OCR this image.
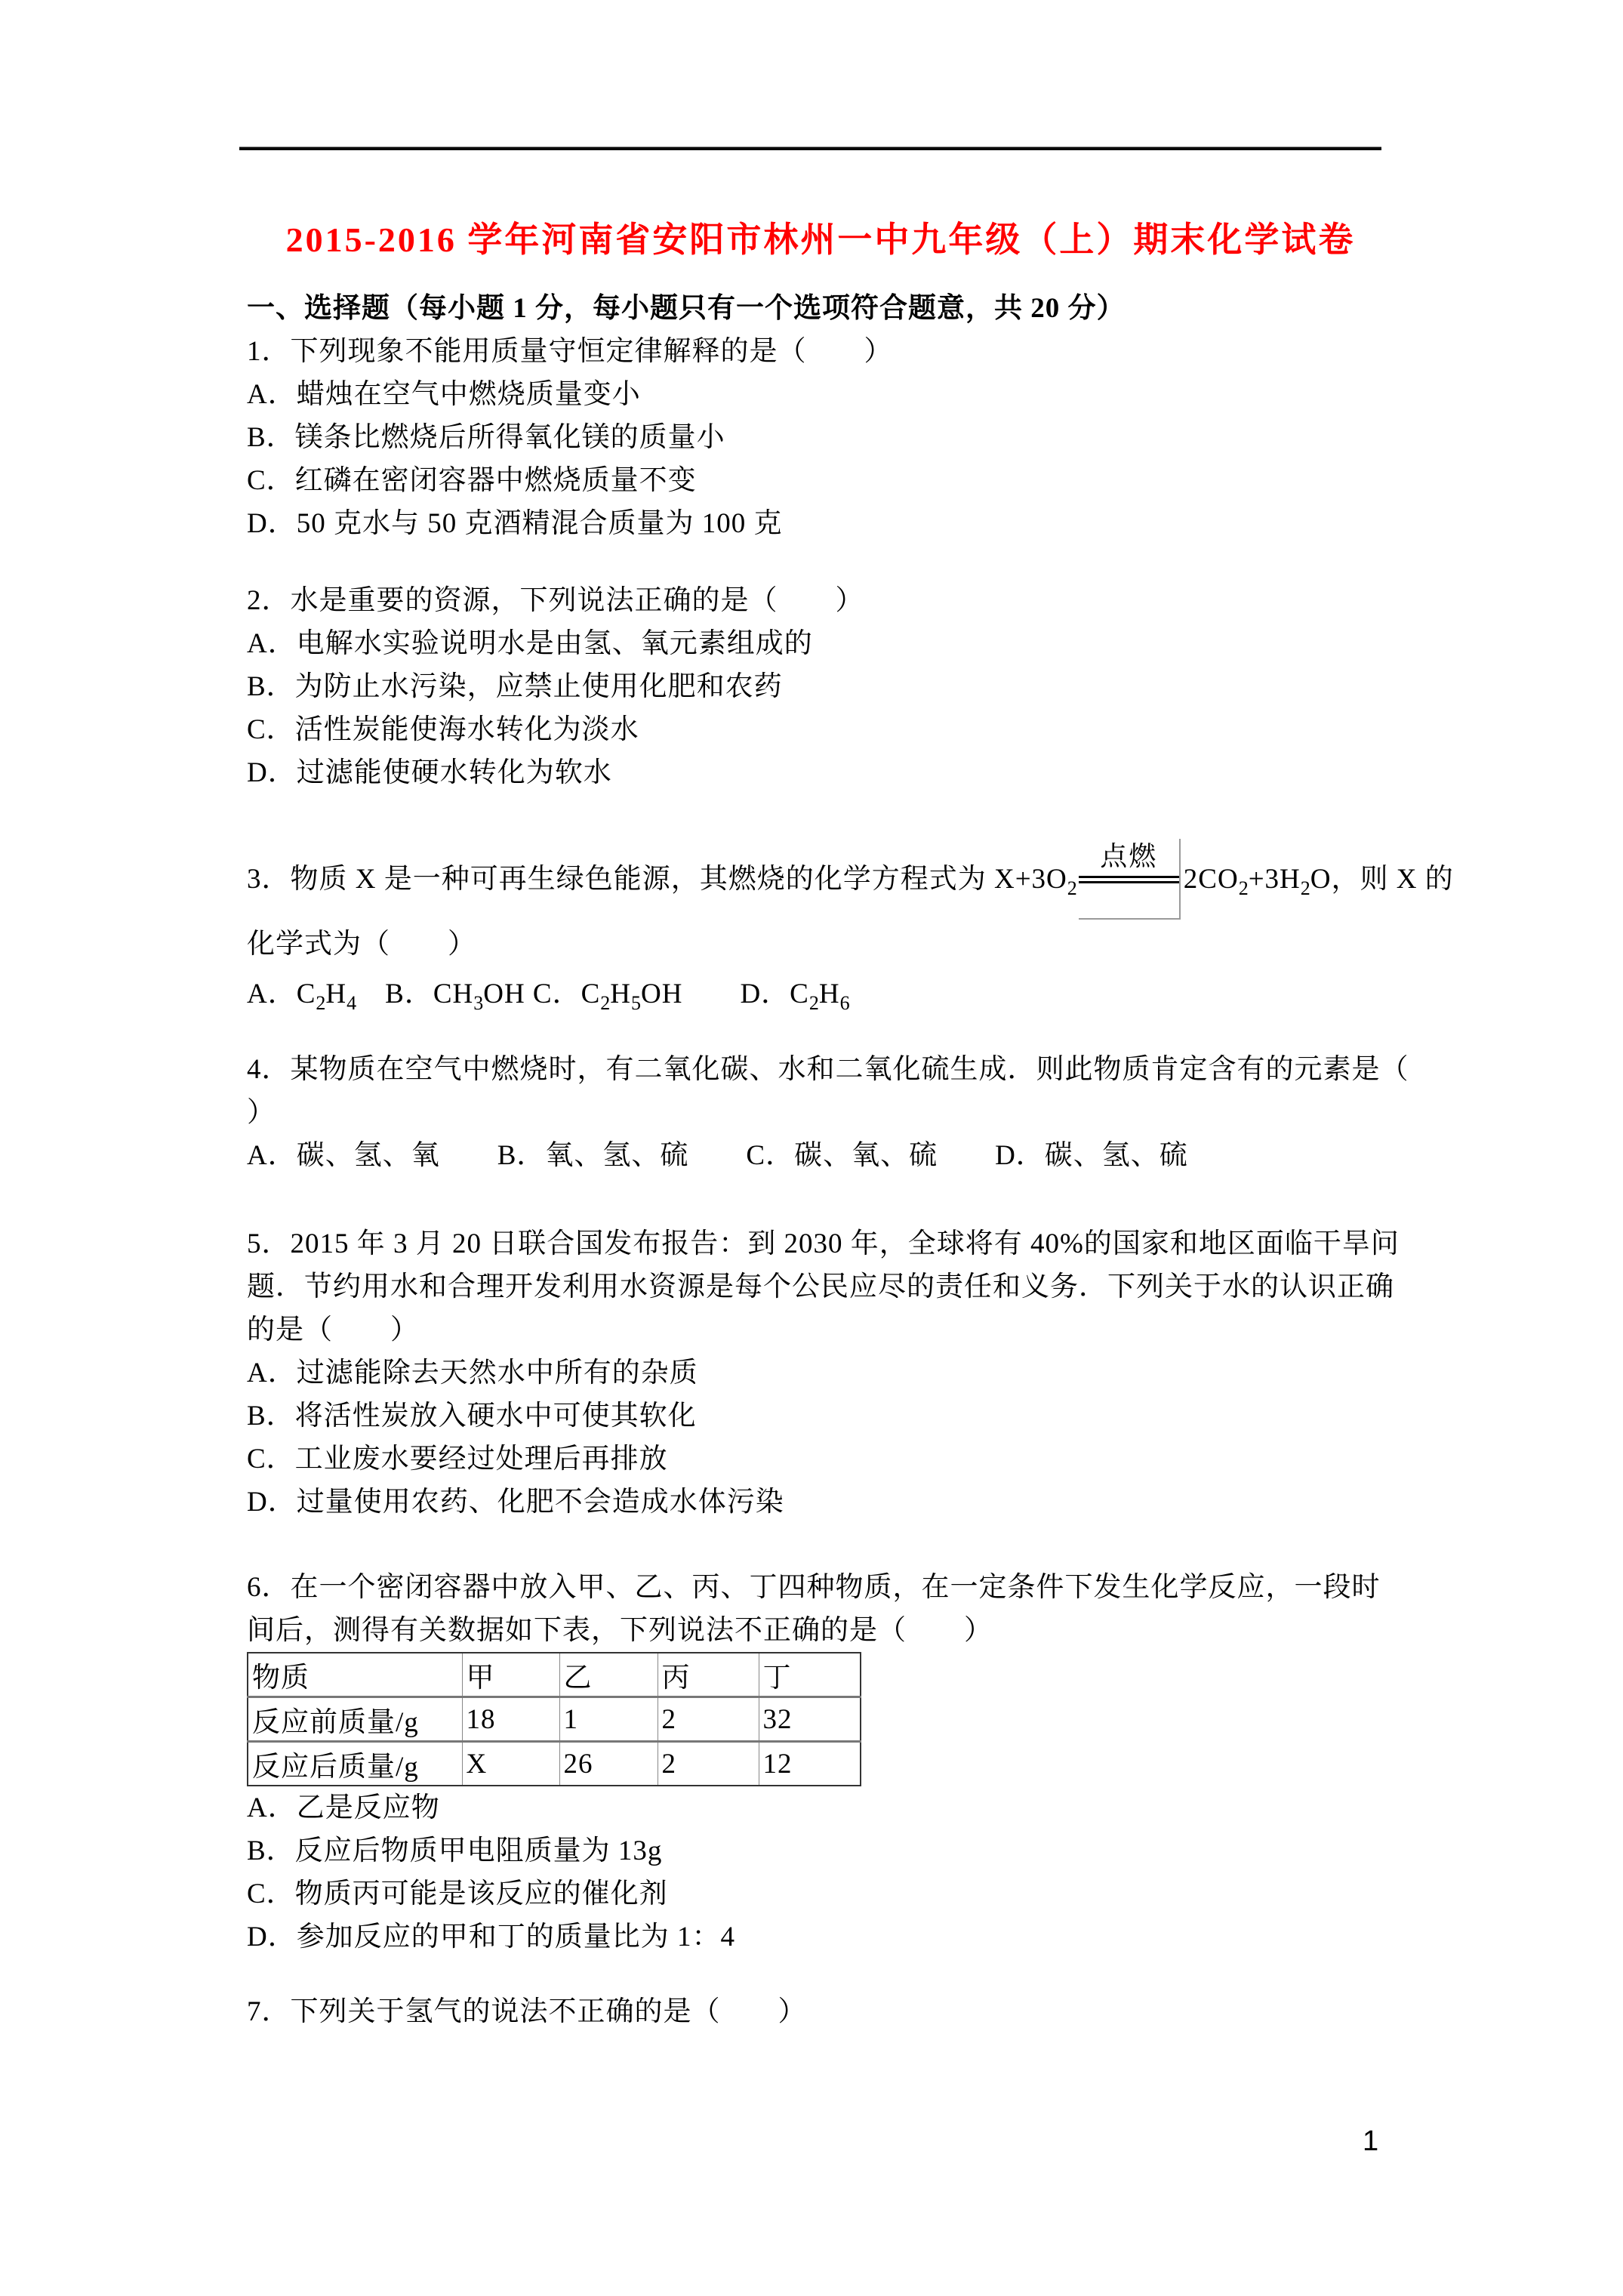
2015-2016 学年河南省安阳市林州一中九年级（上）期末化学试卷
一、选择题（每小题 1 分，每小题只有一个选项符合题意，共 20 分）
1．下列现象不能用质量守恒定律解释的是（　　）
A．蜡烛在空气中燃烧质量变小
B．镁条比燃烧后所得氧化镁的质量小
C．红磷在密闭容器中燃烧质量不变
D．50 克水与 50 克酒精混合质量为 100 克
2．水是重要的资源，下列说法正确的是（　　）
A．电解水实验说明水是由氢、氧元素组成的
B．为防止水污染，应禁止使用化肥和农药
C．活性炭能使海水转化为淡水
D．过滤能使硬水转化为软水
3．物质 X 是一种可再生绿色能源，其燃烧的化学方程式为 $X+3O_2$
点燃
$2CO_2+3H_2O$，则 X 的
化学式为（　　）
A．$C_2H_4$　B．$CH_3OH$ C．$C_2H_5OH$　　D．$C_2H_6$
4．某物质在空气中燃烧时，有二氧化碳、水和二氧化硫生成．则此物质肯定含有的元素是（
）
A．碳、氢、氧　　B．氧、氢、硫　　C．碳、氧、硫　　D．碳、氢、硫
5．2015 年 3 月 20 日联合国发布报告：到 2030 年，全球将有 40%的国家和地区面临干旱问
题．节约用水和合理开发利用水资源是每个公民应尽的责任和义务．下列关于水的认识正确
的是（　　）
A．过滤能除去天然水中所有的杂质
B．将活性炭放入硬水中可使其软化
C．工业废水要经过处理后再排放
D．过量使用农药、化肥不会造成水体污染
6．在一个密闭容器中放入甲、乙、丙、丁四种物质，在一定条件下发生化学反应，一段时
间后，测得有关数据如下表，下列说法不正确的是（　　）
物质	甲	乙	丙	丁
反应前质量/g	18	1	2	32
反应后质量/g	X	26	2	12
A．乙是反应物
B．反应后物质甲电阻质量为 13g
C．物质丙可能是该反应的催化剂
D．参加反应的甲和丁的质量比为 1：4
7．下列关于氢气的说法不正确的是（　　）
1
